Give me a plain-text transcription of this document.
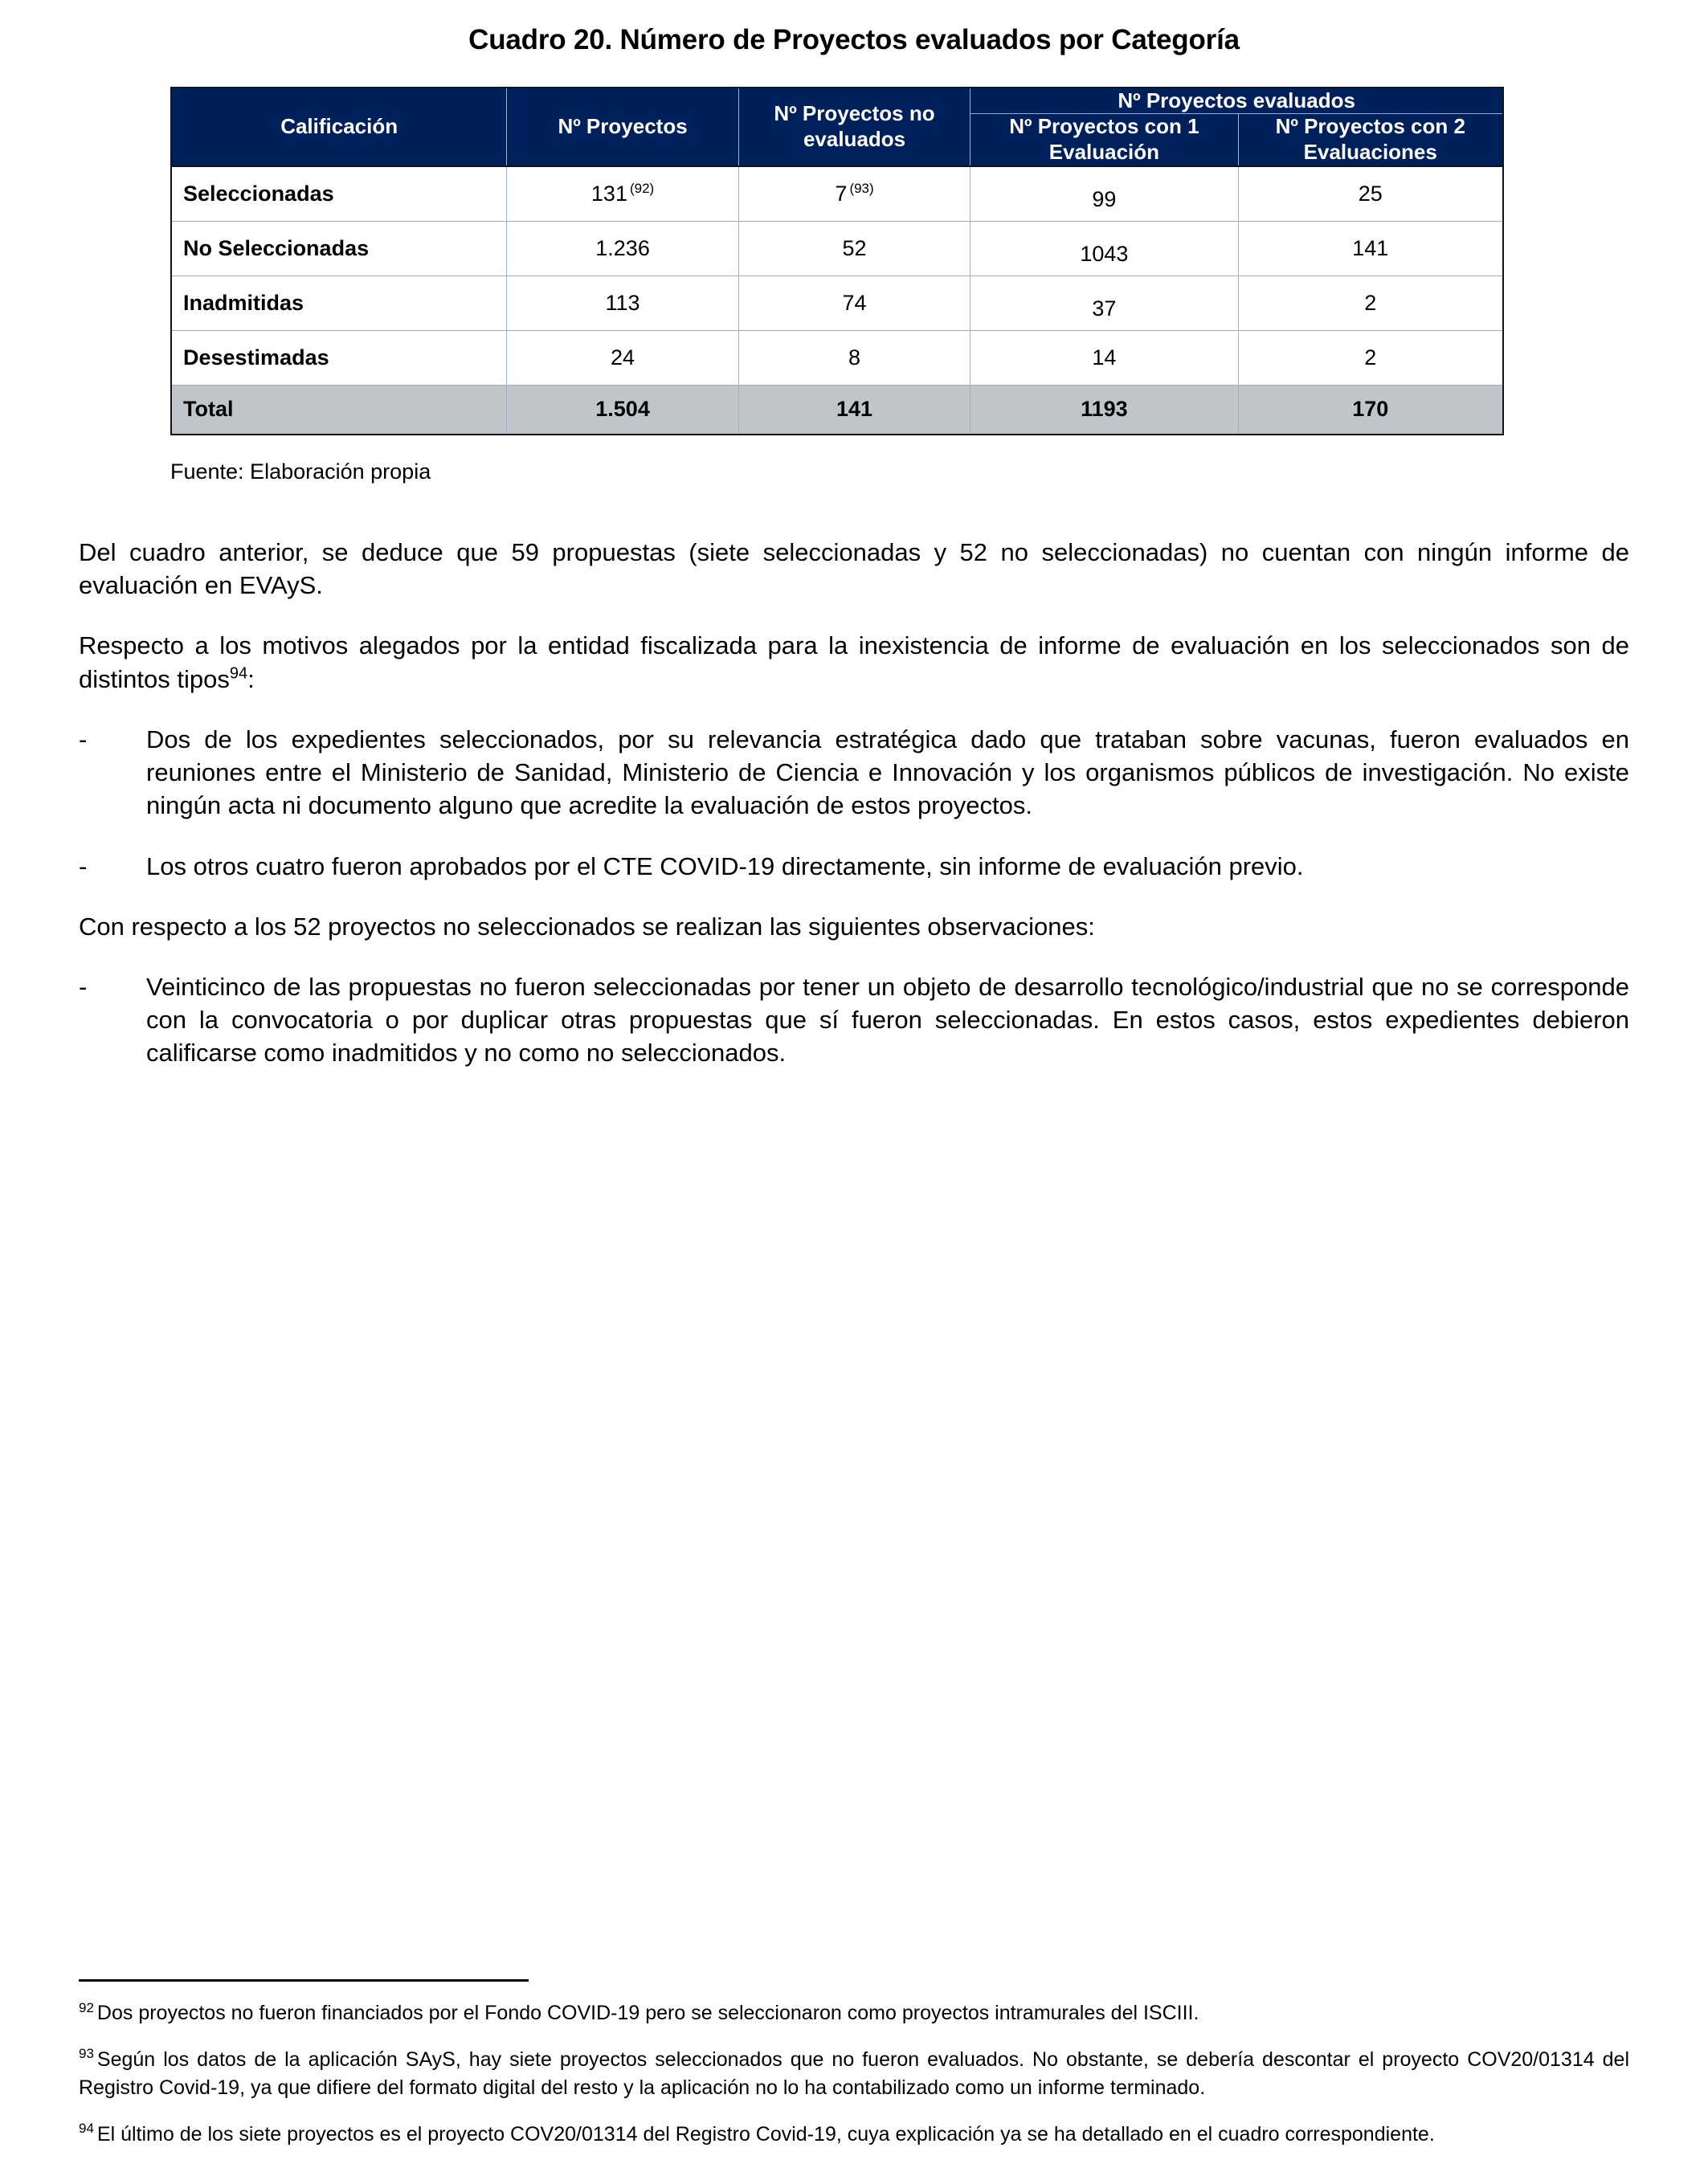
Cuadro 20. Número de Proyectos evaluados por Categoría
Calificación	Nº Proyectos	Nº Proyectos no evaluados	Nº Proyectos evaluados	
			Nº Proyectos con 1 Evaluación	Nº Proyectos con 2 Evaluaciones
Seleccionadas	131 $^{(92)}$	7 $^{(93)}$	99	25
No Seleccionadas	1.236	52	1043	141
Inadmitidas	113	74	37	2
Desestimadas	24	8	14	2
Total	1.504	141	1193	170
Fuente: Elaboración propia

Del cuadro anterior, se deduce que 59 propuestas (siete seleccionadas y 52 no seleccionadas) no cuentan con ningún informe de evaluación en EVAyS.

Respecto a los motivos alegados por la entidad fiscalizada para la inexistencia de informe de evaluación en los seleccionados son de distintos tipos$^{94}$:

- Dos de los expedientes seleccionados, por su relevancia estratégica dado que trataban sobre vacunas, fueron evaluados en reuniones entre el Ministerio de Sanidad, Ministerio de Ciencia e Innovación y los organismos públicos de investigación. No existe ningún acta ni documento alguno que acredite la evaluación de estos proyectos.
- Los otros cuatro fueron aprobados por el CTE COVID-19 directamente, sin informe de evaluación previo.

Con respecto a los 52 proyectos no seleccionados se realizan las siguientes observaciones:

- Veinticinco de las propuestas no fueron seleccionadas por tener un objeto de desarrollo tecnológico/industrial que no se corresponde con la convocatoria o por duplicar otras propuestas que sí fueron seleccionadas. En estos casos, estos expedientes debieron calificarse como inadmitidos y no como no seleccionados.

$^{92}$ Dos proyectos no fueron financiados por el Fondo COVID-19 pero se seleccionaron como proyectos intramurales del ISCIII.

$^{93}$ Según los datos de la aplicación SAyS, hay siete proyectos seleccionados que no fueron evaluados. No obstante, se debería descontar el proyecto COV20/01314 del Registro Covid-19, ya que difiere del formato digital del resto y la aplicación no lo ha contabilizado como un informe terminado.

$^{94}$ El último de los siete proyectos es el proyecto COV20/01314 del Registro Covid-19, cuya explicación ya se ha detallado en el cuadro correspondiente.
